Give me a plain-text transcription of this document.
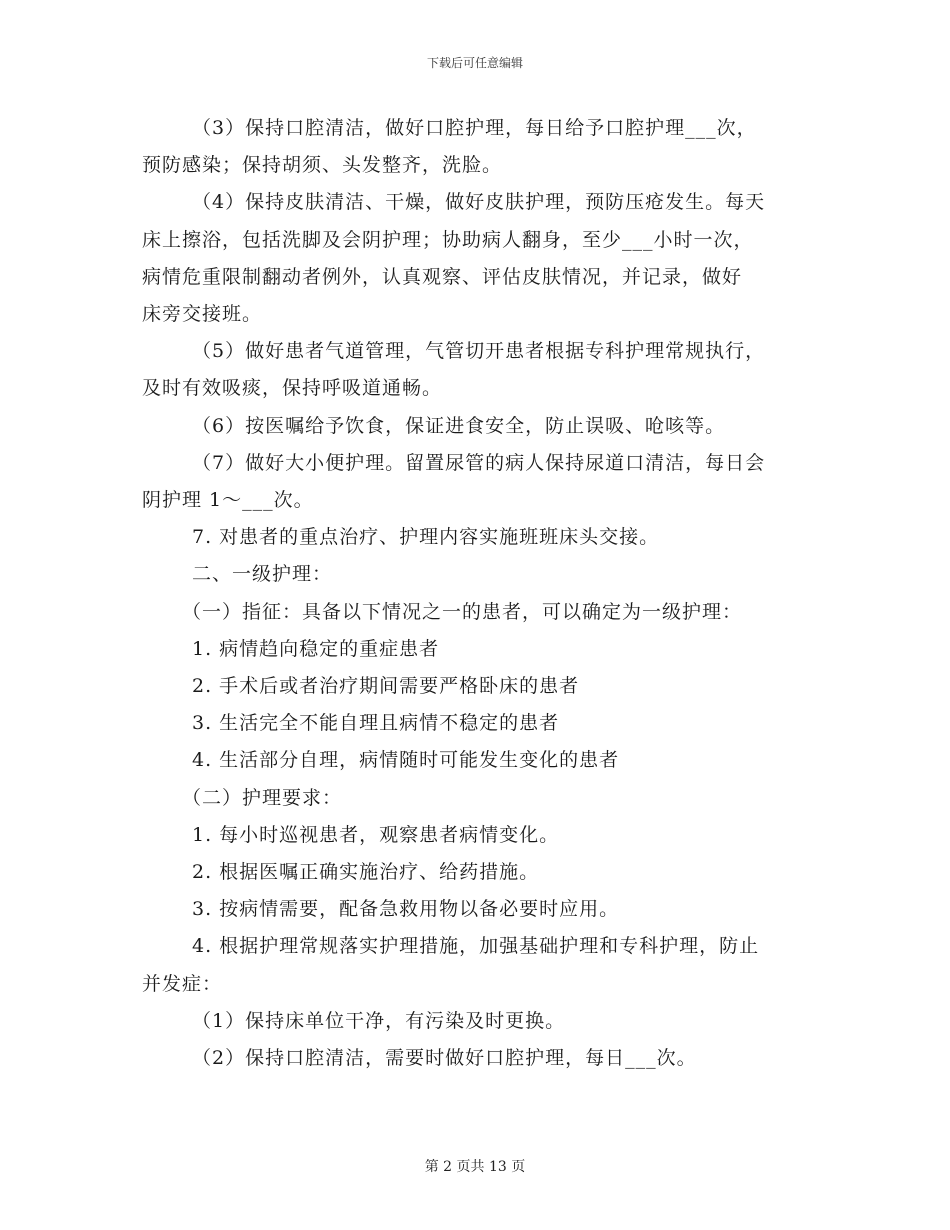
下载后可任意编辑
（3）保持口腔清洁，做好口腔护理，每日给予口腔护理___次，
预防感染；保持胡须、头发整齐，洗脸。
（4）保持皮肤清洁、干燥，做好皮肤护理，预防压疮发生。每天
床上擦浴，包括洗脚及会阴护理；协助病人翻身，至少___小时一次，
病情危重限制翻动者例外，认真观察、评估皮肤情况，并记录，做好
床旁交接班。
（5）做好患者气道管理，气管切开患者根据专科护理常规执行，
及时有效吸痰，保持呼吸道通畅。
（6）按医嘱给予饮食，保证进食安全，防止误吸、呛咳等。
（7）做好大小便护理。留置尿管的病人保持尿道口清洁，每日会
阴护理 1～___次。
7. 对患者的重点治疗、护理内容实施班班床头交接。
二、一级护理：
（一）指征：具备以下情况之一的患者，可以确定为一级护理：
1. 病情趋向稳定的重症患者
2. 手术后或者治疗期间需要严格卧床的患者
3. 生活完全不能自理且病情不稳定的患者
4. 生活部分自理，病情随时可能发生变化的患者
（二）护理要求：
1. 每小时巡视患者，观察患者病情变化。
2. 根据医嘱正确实施治疗、给药措施。
3. 按病情需要，配备急救用物以备必要时应用。
4. 根据护理常规落实护理措施，加强基础护理和专科护理，防止
并发症：
（1）保持床单位干净，有污染及时更换。
（2）保持口腔清洁，需要时做好口腔护理，每日___次。
第 2 页共 13 页
